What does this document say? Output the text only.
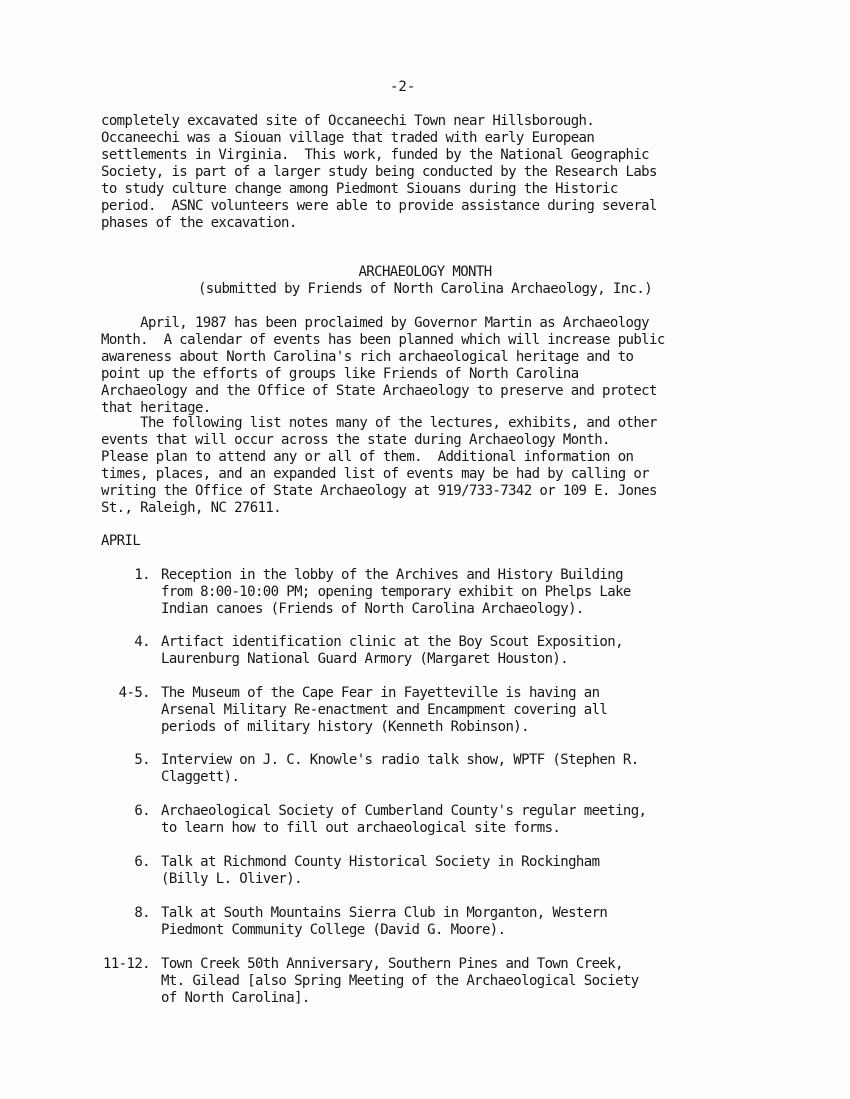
-2-
completely excavated site of Occaneechi Town near Hillsborough.
Occaneechi was a Siouan village that traded with early European
settlements in Virginia.  This work, funded by the National Geographic
Society, is part of a larger study being conducted by the Research Labs
to study culture change among Piedmont Siouans during the Historic
period.  ASNC volunteers were able to provide assistance during several
phases of the excavation.
ARCHAEOLOGY MONTH
(submitted by Friends of North Carolina Archaeology, Inc.)
April, 1987 has been proclaimed by Governor Martin as Archaeology
Month.  A calendar of events has been planned which will increase public
awareness about North Carolina's rich archaeological heritage and to
point up the efforts of groups like Friends of North Carolina
Archaeology and the Office of State Archaeology to preserve and protect
that heritage.
The following list notes many of the lectures, exhibits, and other
events that will occur across the state during Archaeology Month.
Please plan to attend any or all of them.  Additional information on
times, places, and an expanded list of events may be had by calling or
writing the Office of State Archaeology at 919/733-7342 or 109 E. Jones
St., Raleigh, NC 27611.
APRIL
1. Reception in the lobby of the Archives and History Building
from 8:00-10:00 PM; opening temporary exhibit on Phelps Lake
Indian canoes (Friends of North Carolina Archaeology).
4. Artifact identification clinic at the Boy Scout Exposition,
Laurenburg National Guard Armory (Margaret Houston).
4-5. The Museum of the Cape Fear in Fayetteville is having an
Arsenal Military Re-enactment and Encampment covering all
periods of military history (Kenneth Robinson).
5. Interview on J. C. Knowle's radio talk show, WPTF (Stephen R.
Claggett).
6. Archaeological Society of Cumberland County's regular meeting,
to learn how to fill out archaeological site forms.
6. Talk at Richmond County Historical Society in Rockingham
(Billy L. Oliver).
8. Talk at South Mountains Sierra Club in Morganton, Western
Piedmont Community College (David G. Moore).
11-12. Town Creek 50th Anniversary, Southern Pines and Town Creek,
Mt. Gilead [also Spring Meeting of the Archaeological Society
of North Carolina].
